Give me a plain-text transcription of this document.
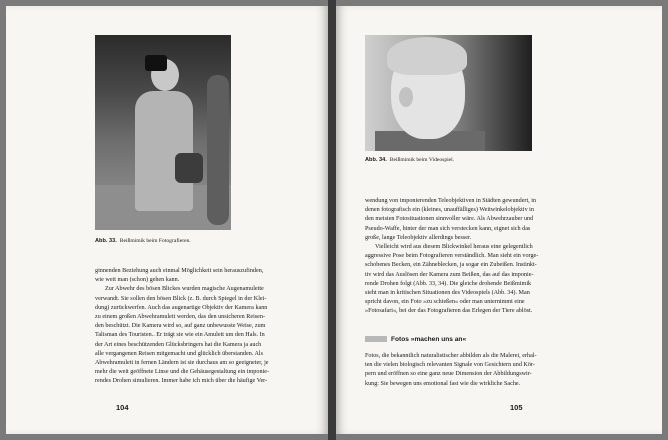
Abb. 33. Beißmimik beim Fotografieren.
ginnenden Beziehung auch einmal Möglichkeit sein herauszufinden,
wie weit man (schon) gehen kann.
Zur Abwehr des bösen Blickes wurden magische Augenamulette
verwandt. Sie sollen den bösen Blick (z. B. durch Spiegel in der Klei-
dung) zurückwerfen. Auch das augenartige Objektiv der Kamera kann
zu einem großen Abwehramulett werden, das den unsicheren Reisen-
den beschützt. Die Kamera wird so, auf ganz unbewusste Weise, zum
Talisman des Touristen.. Er trägt sie wie ein Amulett um den Hals. In
der Art eines beschützenden Glücksbringers hat die Kamera ja auch
alle vergangenen Reisen mitgemacht und glücklich überstanden. Als
Abwehramulett in fernen Ländern ist sie durchaus am so geeigneter, je
mehr die weit geöffnete Linse und die Gehäusegestaltung ein imponie-
rendes Drohen simulieren. Immer habe ich mich über die häufige Ver-
104
Abb. 34. Beißmimik beim Videospiel.
wendung von imponierenden Teleobjektiven in Städten gewundert, in
denen fotografisch ein (kleines, unauffälliges) Weitwinkelobjektiv in
den meisten Fotosituationen sinnvoller wäre. Als Abwehrzauber und
Pseudo-Waffe, hinter der man sich verstecken kann, eignet sich das
große, lange Teleobjektiv allerdings besser.
Vielleicht wird aus diesem Blickwinkel heraus eine gelegentlich
aggressive Pose beim Fotografieren verständlich. Man sieht ein vorge-
schobenes Becken, ein Zähneblecken, ja sogar ein Zubeißen. Instinkt-
tiv wird das Auslösen der Kamera zum Beißen, das auf das imponie-
rende Drohen folgt (Abb. 33, 34). Die gleiche drohende Beißmimik
sieht man in kritischen Situationen des Videospiels (Abb. 34). Man
spricht davon, ein Foto »zu schießen« oder man unternimmt eine
»Fotosafari«, bei der das Fotografieren das Erlegen der Tiere ablöst.
Fotos »machen uns an«
Fotos, die bekanntlich naturalistischer abbilden als die Malerei, erhal-
ten die vielen biologisch relevanten Signale von Gesichtern und Kör-
pern und eröffnen so eine ganz neue Dimension der Abbildungswir-
kung: Sie bewegen uns emotional fast wie die wirkliche Sache.
105
